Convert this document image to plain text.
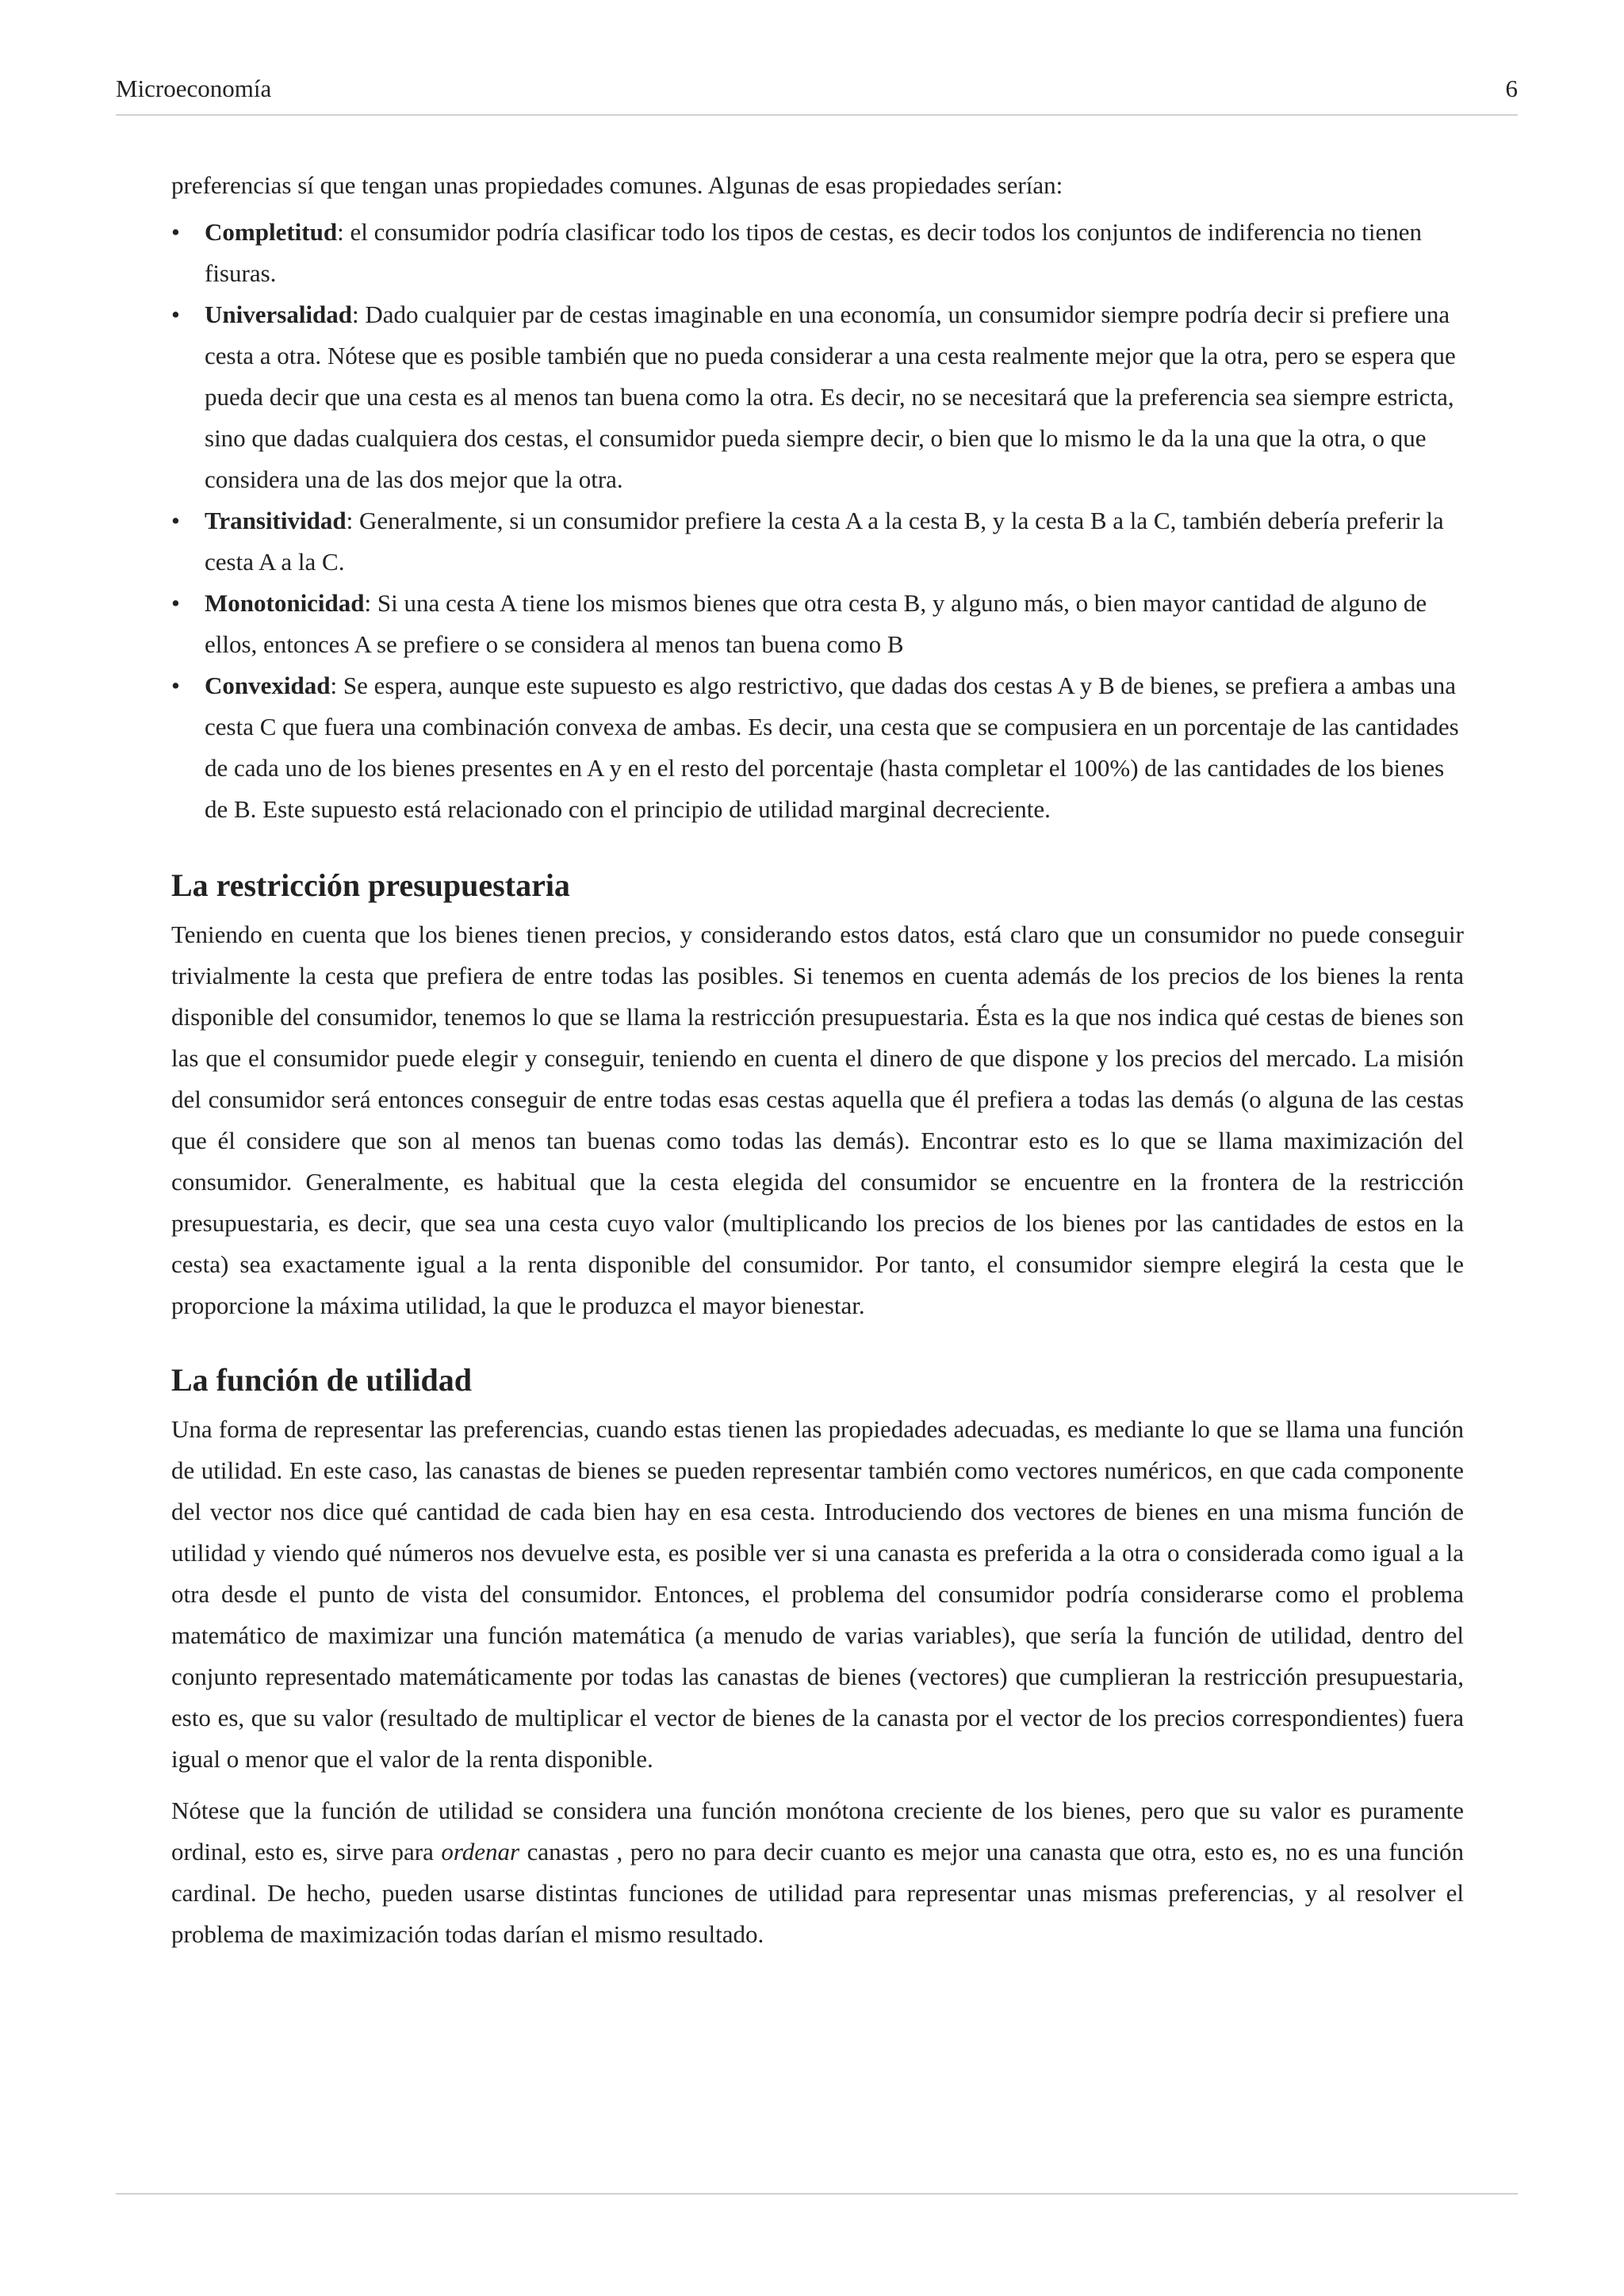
Microeconomía	6

preferencias sí que tengan unas propiedades comunes. Algunas de esas propiedades serían:

• Completitud: el consumidor podría clasificar todo los tipos de cestas, es decir todos los conjuntos de indiferencia no tienen fisuras.
• Universalidad: Dado cualquier par de cestas imaginable en una economía, un consumidor siempre podría decir si prefiere una cesta a otra. Nótese que es posible también que no pueda considerar a una cesta realmente mejor que la otra, pero se espera que pueda decir que una cesta es al menos tan buena como la otra. Es decir, no se necesitará que la preferencia sea siempre estricta, sino que dadas cualquiera dos cestas, el consumidor pueda siempre decir, o bien que lo mismo le da la una que la otra, o que considera una de las dos mejor que la otra.
• Transitividad: Generalmente, si un consumidor prefiere la cesta A a la cesta B, y la cesta B a la C, también debería preferir la cesta A a la C.
• Monotonicidad: Si una cesta A tiene los mismos bienes que otra cesta B, y alguno más, o bien mayor cantidad de alguno de ellos, entonces A se prefiere o se considera al menos tan buena como B
• Convexidad: Se espera, aunque este supuesto es algo restrictivo, que dadas dos cestas A y B de bienes, se prefiera a ambas una cesta C que fuera una combinación convexa de ambas. Es decir, una cesta que se compusiera en un porcentaje de las cantidades de cada uno de los bienes presentes en A y en el resto del porcentaje (hasta completar el 100%) de las cantidades de los bienes de B. Este supuesto está relacionado con el principio de utilidad marginal decreciente.
La restricción presupuestaria

Teniendo en cuenta que los bienes tienen precios, y considerando estos datos, está claro que un consumidor no puede conseguir trivialmente la cesta que prefiera de entre todas las posibles. Si tenemos en cuenta además de los precios de los bienes la renta disponible del consumidor, tenemos lo que se llama la restricción presupuestaria. Ésta es la que nos indica qué cestas de bienes son las que el consumidor puede elegir y conseguir, teniendo en cuenta el dinero de que dispone y los precios del mercado. La misión del consumidor será entonces conseguir de entre todas esas cestas aquella que él prefiera a todas las demás (o alguna de las cestas que él considere que son al menos tan buenas como todas las demás). Encontrar esto es lo que se llama maximización del consumidor. Generalmente, es habitual que la cesta elegida del consumidor se encuentre en la frontera de la restricción presupuestaria, es decir, que sea una cesta cuyo valor (multiplicando los precios de los bienes por las cantidades de estos en la cesta) sea exactamente igual a la renta disponible del consumidor. Por tanto, el consumidor siempre elegirá la cesta que le proporcione la máxima utilidad, la que le produzca el mayor bienestar.

La función de utilidad

Una forma de representar las preferencias, cuando estas tienen las propiedades adecuadas, es mediante lo que se llama una función de utilidad. En este caso, las canastas de bienes se pueden representar también como vectores numéricos, en que cada componente del vector nos dice qué cantidad de cada bien hay en esa cesta. Introduciendo dos vectores de bienes en una misma función de utilidad y viendo qué números nos devuelve esta, es posible ver si una canasta es preferida a la otra o considerada como igual a la otra desde el punto de vista del consumidor. Entonces, el problema del consumidor podría considerarse como el problema matemático de maximizar una función matemática (a menudo de varias variables), que sería la función de utilidad, dentro del conjunto representado matemáticamente por todas las canastas de bienes (vectores) que cumplieran la restricción presupuestaria, esto es, que su valor (resultado de multiplicar el vector de bienes de la canasta por el vector de los precios correspondientes) fuera igual o menor que el valor de la renta disponible.

Nótese que la función de utilidad se considera una función monótona creciente de los bienes, pero que su valor es puramente ordinal, esto es, sirve para ordenar canastas , pero no para decir cuanto es mejor una canasta que otra, esto es, no es una función cardinal. De hecho, pueden usarse distintas funciones de utilidad para representar unas mismas preferencias, y al resolver el problema de maximización todas darían el mismo resultado.
